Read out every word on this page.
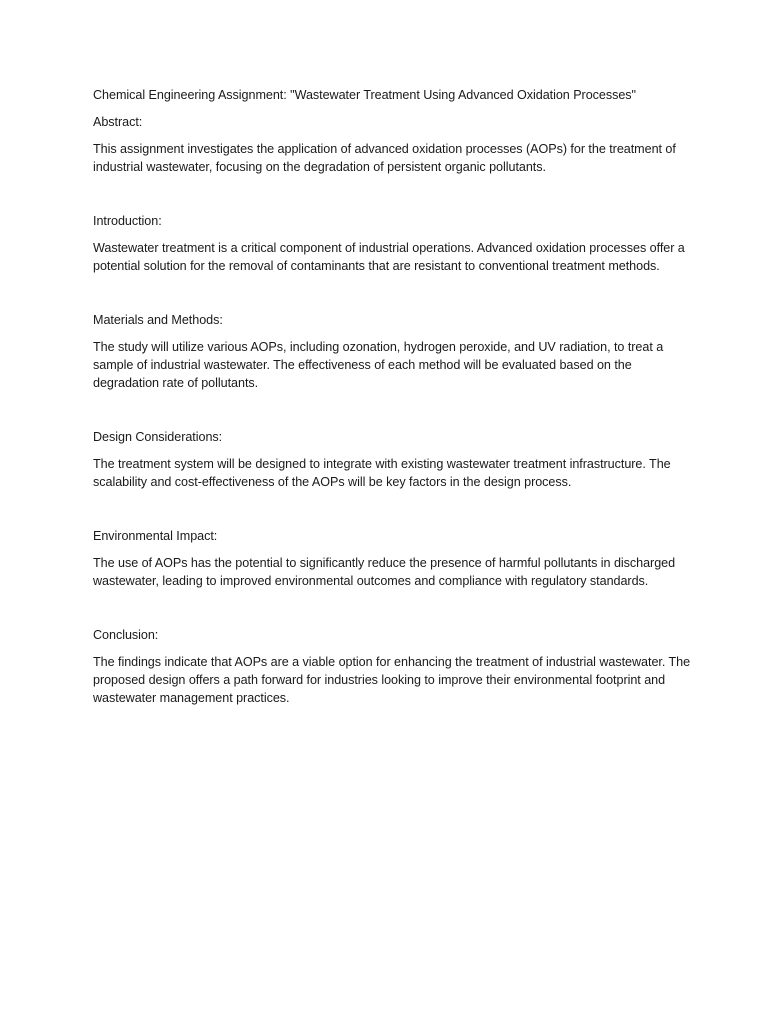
Chemical Engineering Assignment: "Wastewater Treatment Using Advanced Oxidation Processes"
Abstract:

This assignment investigates the application of advanced oxidation processes (AOPs) for the treatment of industrial wastewater, focusing on the degradation of persistent organic pollutants.

Introduction:

Wastewater treatment is a critical component of industrial operations. Advanced oxidation processes offer a potential solution for the removal of contaminants that are resistant to conventional treatment methods.

Materials and Methods:

The study will utilize various AOPs, including ozonation, hydrogen peroxide, and UV radiation, to treat a sample of industrial wastewater. The effectiveness of each method will be evaluated based on the degradation rate of pollutants.

Design Considerations:

The treatment system will be designed to integrate with existing wastewater treatment infrastructure. The scalability and cost-effectiveness of the AOPs will be key factors in the design process.

Environmental Impact:

The use of AOPs has the potential to significantly reduce the presence of harmful pollutants in discharged wastewater, leading to improved environmental outcomes and compliance with regulatory standards.

Conclusion:

The findings indicate that AOPs are a viable option for enhancing the treatment of industrial wastewater. The proposed design offers a path forward for industries looking to improve their environmental footprint and wastewater management practices.
